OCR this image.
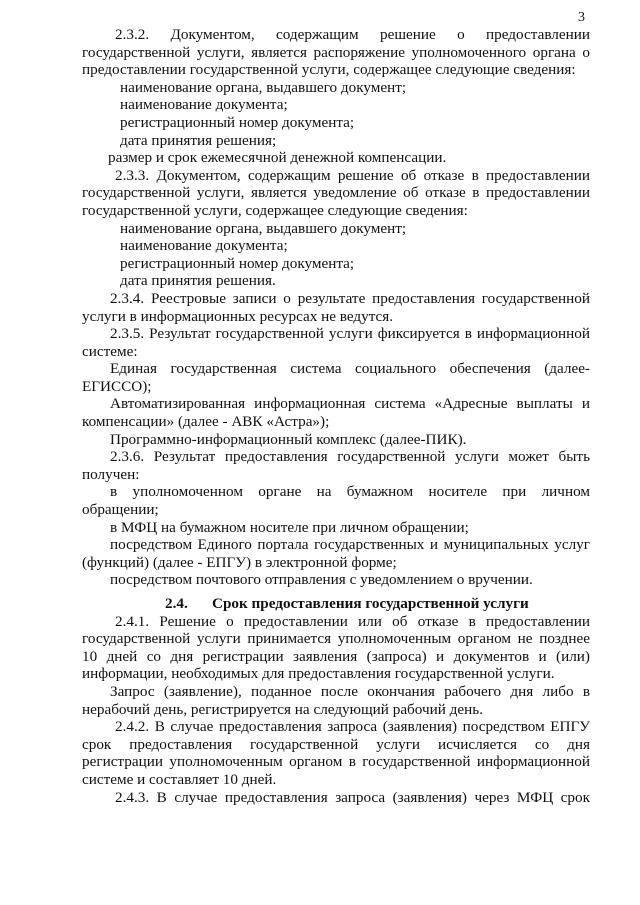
3

2.3.2. Документом, содержащим решение о предоставлении

государственной услуги, является распоряжение уполномоченного органа о

предоставлении государственной услуги, содержащее следующие сведения:

наименование органа, выдавшего документ;

наименование документа;

регистрационный номер документа;

дата принятия решения;

размер и срок ежемесячной денежной компенсации.

2.3.3. Документом, содержащим решение об отказе в предоставлении

государственной услуги, является уведомление об отказе в предоставлении

государственной услуги, содержащее следующие сведения:

наименование органа, выдавшего документ;

наименование документа;

регистрационный номер документа;

дата принятия решения.

2.3.4. Реестровые записи о результате предоставления государственной

услуги в информационных ресурсах не ведутся.

2.3.5. Результат государственной услуги фиксируется в информационной

системе:

Единая государственная система социального обеспечения (далее-

ЕГИССО);

Автоматизированная информационная система «Адресные выплаты и

компенсации» (далее - АВК «Астра»);

Программно-информационный комплекс (далее-ПИК).

2.3.6. Результат предоставления государственной услуги может быть

получен:

в уполномоченном органе на бумажном носителе при личном

обращении;

в МФЦ на бумажном носителе при личном обращении;

посредством Единого портала государственных и муниципальных услуг

(функций) (далее - ЕПГУ) в электронной форме;

посредством почтового отправления с уведомлением о вручении.

2.4. Срок предоставления государственной услуги

2.4.1. Решение о предоставлении или об отказе в предоставлении

государственной услуги принимается уполномоченным органом не позднее

10 дней со дня регистрации заявления (запроса) и документов и (или)

информации, необходимых для предоставления государственной услуги.

Запрос (заявление), поданное после окончания рабочего дня либо в

нерабочий день, регистрируется на следующий рабочий день.

2.4.2. В случае предоставления запроса (заявления) посредством ЕПГУ

срок предоставления государственной услуги исчисляется со дня

регистрации уполномоченным органом в государственной информационной

системе и составляет 10 дней.

2.4.3. В случае предоставления запроса (заявления) через МФЦ срок
